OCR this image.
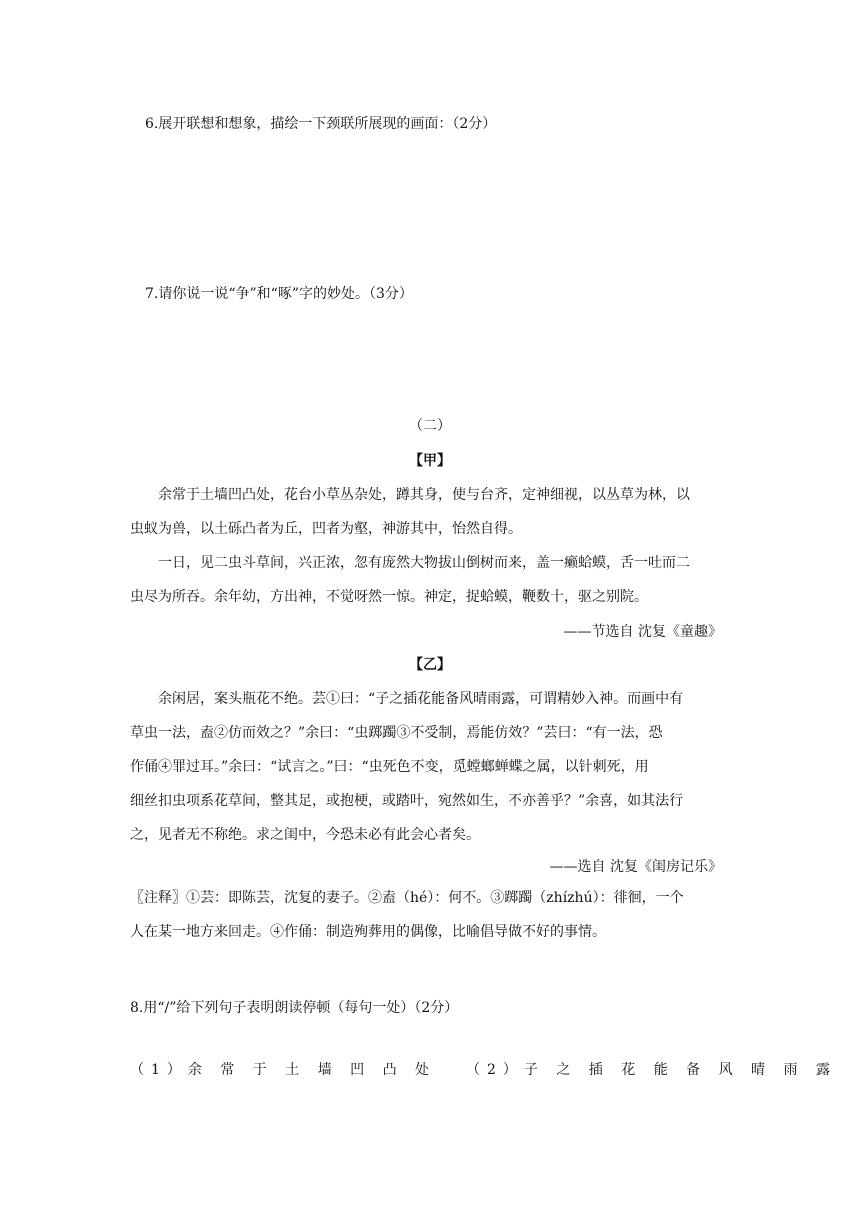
6.展开联想和想象，描绘一下颈联所展现的画面：（2分）
7.请你说一说“争”和“啄”字的妙处。（3分）
（二）
【甲】
余常于土墙凹凸处，花台小草丛杂处，蹲其身，使与台齐，定神细视，以丛草为林，以
虫蚁为兽，以土砾凸者为丘，凹者为壑，神游其中，怡然自得。
一日，见二虫斗草间，兴正浓，忽有庞然大物拔山倒树而来，盖一癞蛤蟆，舌一吐而二
虫尽为所吞。余年幼，方出神，不觉呀然一惊。神定，捉蛤蟆，鞭数十，驱之别院。
——节选自 沈复《童趣》
【乙】
余闲居，案头瓶花不绝。芸①曰：“子之插花能备风晴雨露，可谓精妙入神。而画中有
草虫一法，盍②仿而效之？”余曰：“虫踯躅③不受制，焉能仿效？”芸曰：“有一法，恐
作俑④罪过耳。”余曰：“试言之。”曰：“虫死色不变，觅螳螂蝉蝶之属，以针刺死，用
细丝扣虫项系花草间，整其足，或抱梗，或踏叶，宛然如生，不亦善乎？”余喜，如其法行
之，见者无不称绝。求之闺中，今恐未必有此会心者矣。
——选自 沈复《闺房记乐》
〖注释〗①芸：即陈芸，沈复的妻子。②盍（hé）：何不。③踯躅（zhízhú）：徘徊，一个
人在某一地方来回走。④作俑：制造殉葬用的偶像，比喻倡导做不好的事情。
8.用“/”给下列句子表明朗读停顿（每句一处）（2分）
（1）余 常 于 土 墙 凹 凸 处 （2）子 之 插 花 能 备 风 晴 雨 露
